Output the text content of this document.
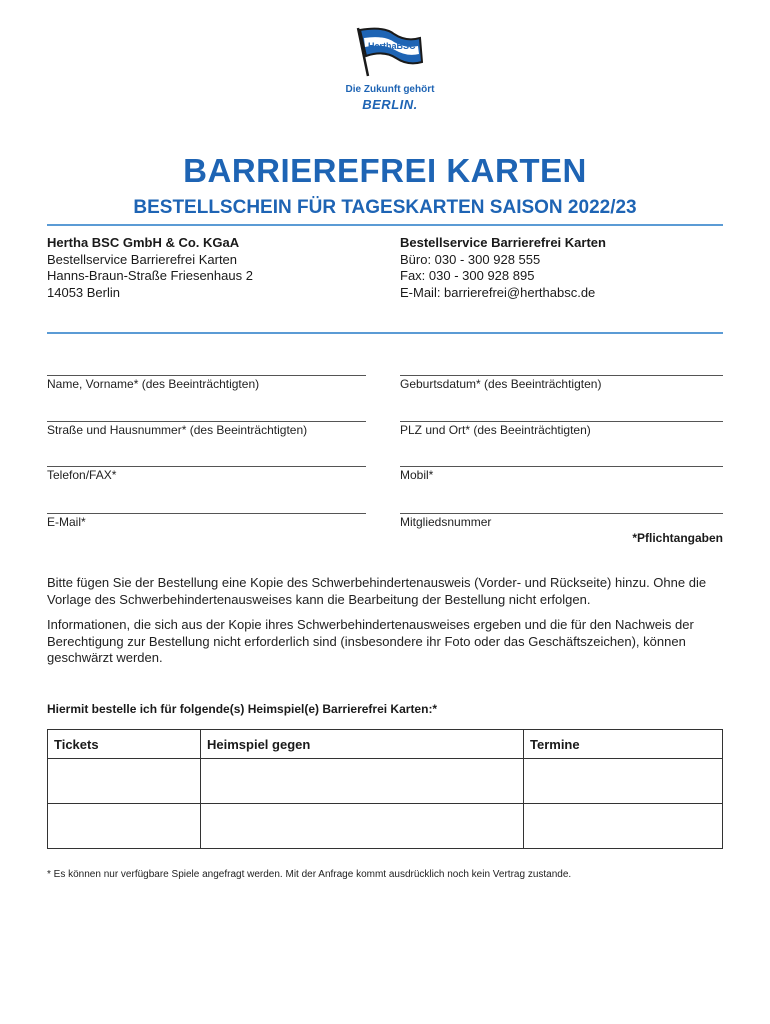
HerthaBSC
Die Zukunft gehört
BERLIN.
BARRIEREFREI KARTEN
BESTELLSCHEIN FÜR TAGESKARTEN SAISON 2022/23
Hertha BSC GmbH & Co. KGaA
Bestellservice Barrierefrei Karten
Hanns-Braun-Straße Friesenhaus 2
14053 Berlin
Bestellservice Barrierefrei Karten
Büro: 030 - 300 928 555
Fax: 030 - 300 928 895
E-Mail: barrierefrei@herthabsc.de
Name, Vorname* (des Beeinträchtigten)	Geburtsdatum* (des Beeinträchtigten)
Straße und Hausnummer* (des Beeinträchtigten)	PLZ und Ort* (des Beeinträchtigten)
Telefon/FAX*	Mobil*
E-Mail*	Mitgliedsnummer
*Pflichtangaben
Bitte fügen Sie der Bestellung eine Kopie des Schwerbehindertenausweis (Vorder- und Rückseite) hinzu. Ohne die Vorlage des Schwerbehindertenausweises kann die Bearbeitung der Bestellung nicht erfolgen.
Informationen, die sich aus der Kopie ihres Schwerbehindertenausweises ergeben und die für den Nachweis der Berechtigung zur Bestellung nicht erforderlich sind (insbesondere ihr Foto oder das Geschäftszeichen), können geschwärzt werden.
Hiermit bestelle ich für folgende(s) Heimspiel(e) Barrierefrei Karten:*
Tickets	Heimspiel gegen	Termine

* Es können nur verfügbare Spiele angefragt werden. Mit der Anfrage kommt ausdrücklich noch kein Vertrag zustande.
